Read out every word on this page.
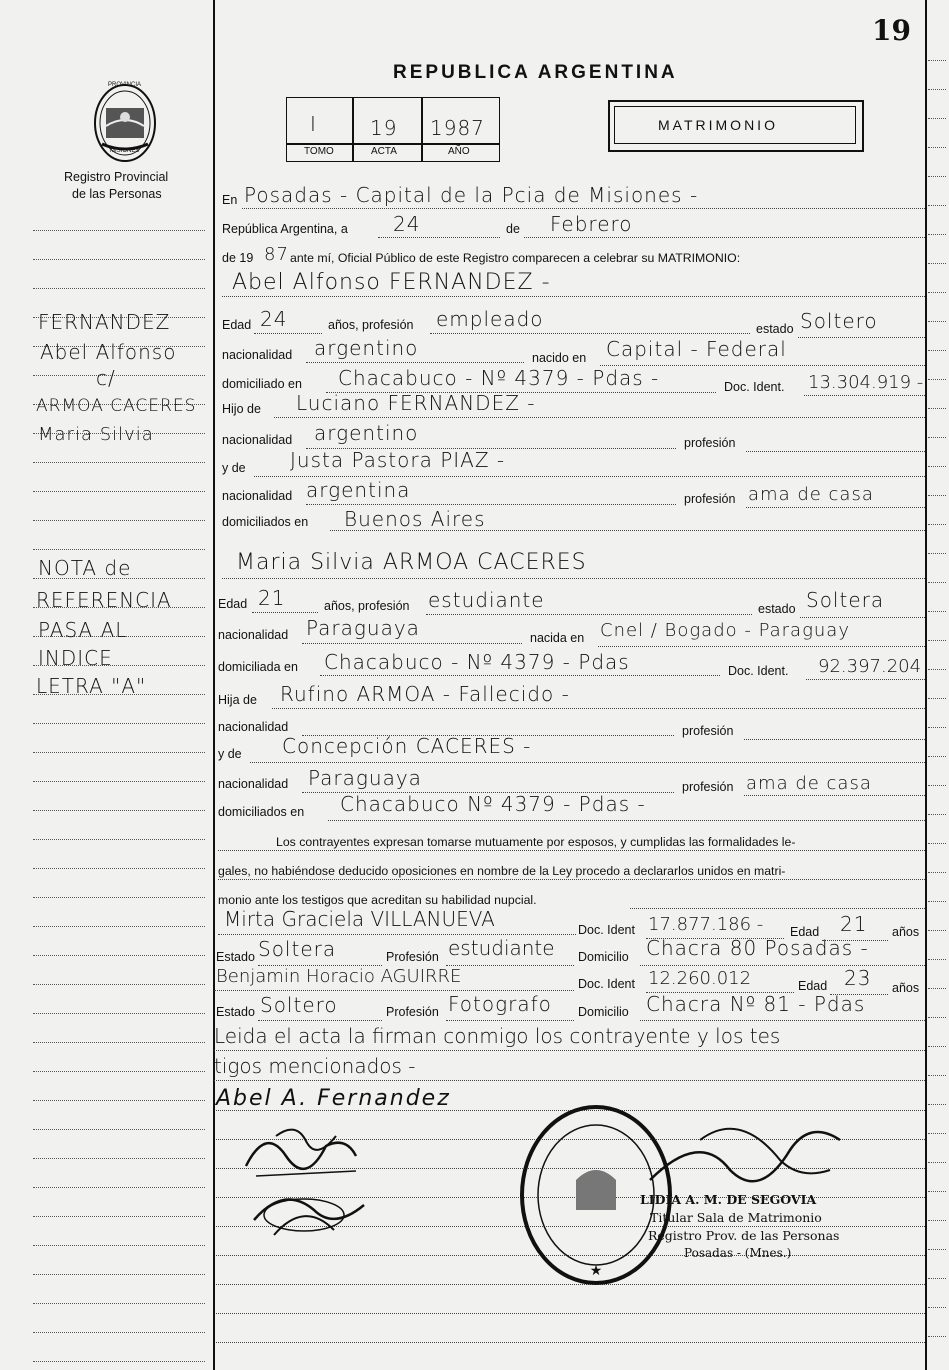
19
REPUBLICA ARGENTINA
PROVINCIA
MISIONES
Registro Provincial
de las Personas
I	19 1987
TOMO	ACTA	AÑO
MATRIMONIO
FERNANDEZ
Abel Alfonso
c/
ARMOA CACERES
Maria Silvia
NOTA de
REFERENCIA
PASA AL
INDICE
LETRA "A"
En Posadas - Capital de la Pcia de Misiones -
República Argentina, a 24	de Febrero
de 19 87 ante mí, Oficial Público de este Registro comparecen a celebrar su MATRIMONIO:
Abel Alfonso FERNANDEZ -
Edad 24	años, profesión empleado	estado Soltero
nacionalidad argentino	nacido en Capital - Federal
domiciliado en Chacabuco - Nº 4379 - Pdas -	Doc. Ident. 13.304.919 -
Hijo de Luciano FERNANDEZ -
nacionalidad argentino	profesión
y de Justa Pastora PIAZ -
nacionalidad argentina	profesión ama de casa
domiciliados en Buenos Aires
Maria Silvia ARMOA CACERES
Edad 21	años, profesión estudiante	estado Soltera
nacionalidad Paraguaya	nacida en Cnel / Bogado - Paraguay
domiciliada en Chacabuco - Nº 4379 - Pdas	Doc. Ident. 92.397.204
Hija de Rufino ARMOA - Fallecido -
nacionalidad	profesión
y de Concepción CACERES -
nacionalidad Paraguaya	profesión ama de casa
domiciliados en Chacabuco Nº 4379 - Pdas -
Los contrayentes expresan tomarse mutuamente por esposos, y cumplidas las formalidades le-
gales, no habiéndose deducido oposiciones en nombre de la Ley procedo a declararlos unidos en matri-
monio ante los testigos que acreditan su habilidad nupcial.
Mirta Graciela VILLANUEVA	Doc. Ident 17.877.186 - Edad 21 años
Estado Soltera	Profesión estudiante Domicilio Chacra 80 Posadas -
Benjamin Horacio AGUIRRE	Doc. Ident 12.260.012	Edad 23 años
Estado Soltero	Profesión Fotografo Domicilio Chacra Nº 81 - Pdas
Leida el acta la firman conmigo los contrayente y los tes
tigos mencionados -
Abel A. Fernandez
★
LIDIA A. M. DE SEGOVIA
Titular Sala de Matrimonio
Registro Prov. de las Personas
Posadas - (Mnes.)
